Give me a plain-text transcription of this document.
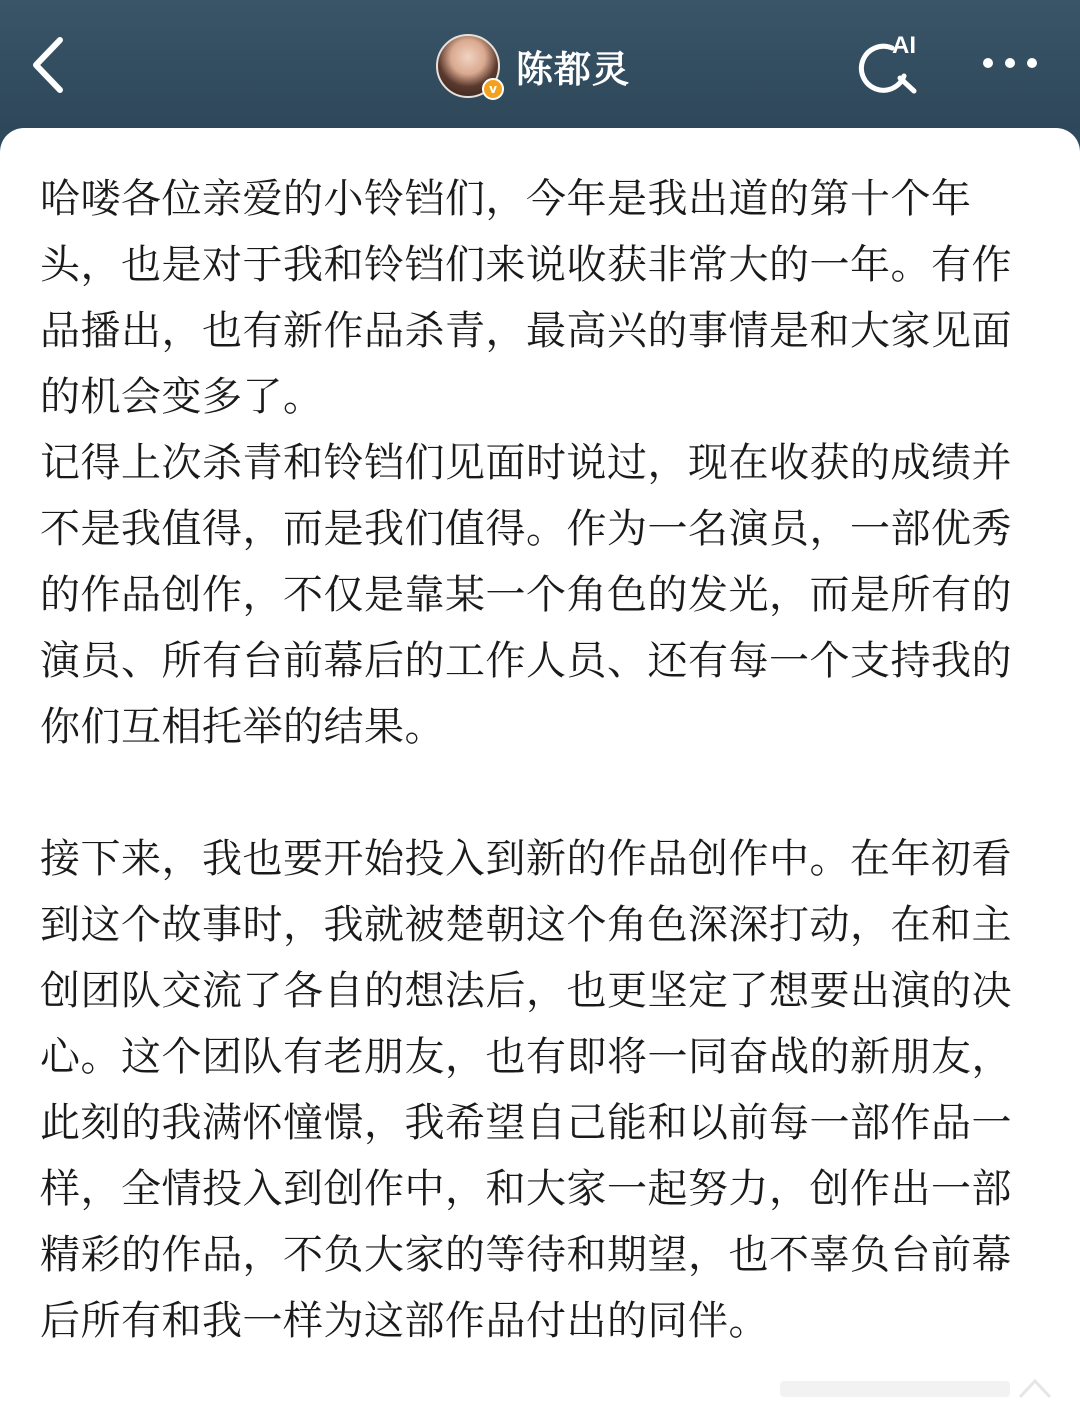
v 陈都灵
AI

哈喽各位亲爱的小铃铛们，今年是我出道的第十个年头，也是对于我和铃铛们来说收获非常大的一年。有作品播出，也有新作品杀青，最高兴的事情是和大家见面的机会变多了。

记得上次杀青和铃铛们见面时说过，现在收获的成绩并不是我值得，而是我们值得。作为一名演员，一部优秀的作品创作，不仅是靠某一个角色的发光，而是所有的演员、所有台前幕后的工作人员、还有每一个支持我的你们互相托举的结果。

接下来，我也要开始投入到新的作品创作中。在年初看到这个故事时，我就被楚朝这个角色深深打动，在和主创团队交流了各自的想法后，也更坚定了想要出演的决心。这个团队有老朋友，也有即将一同奋战的新朋友，此刻的我满怀憧憬，我希望自己能和以前每一部作品一样，全情投入到创作中，和大家一起努力，创作出一部精彩的作品，不负大家的等待和期望，也不辜负台前幕后所有和我一样为这部作品付出的同伴。
